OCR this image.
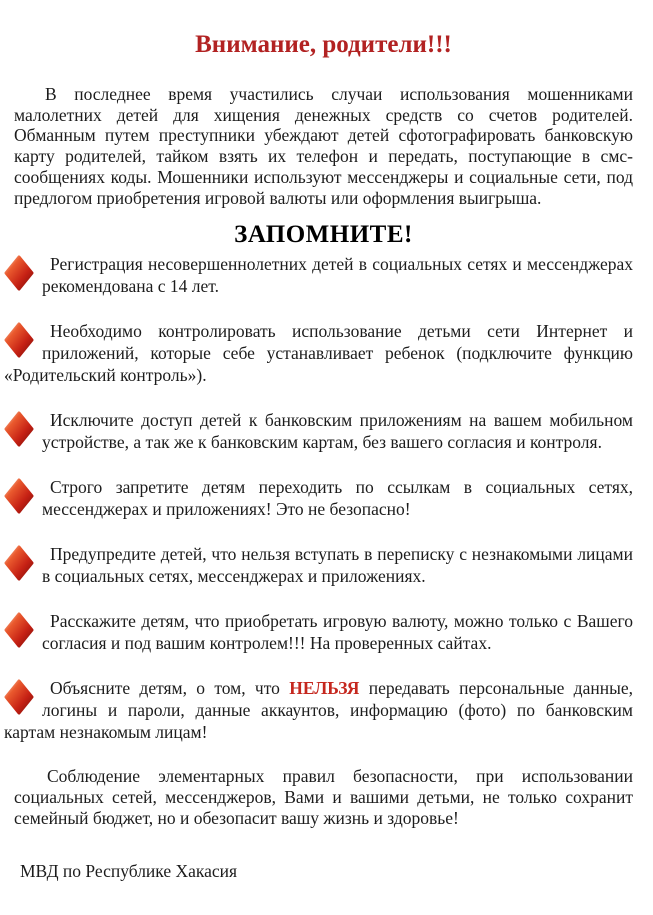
Внимание, родители!!!

В последнее время участились случаи использования мошенниками малолетних детей для хищения денежных средств со счетов родителей. Обманным путем преступники убеждают детей сфотографировать банковскую карту родителей, тайком взять их телефон и передать, поступающие в смс-сообщениях коды. Мошенники используют мессенджеры и социальные сети, под предлогом приобретения игровой валюты или оформления выигрыша.

ЗАПОМНИТЕ!
Регистрация несовершеннолетних детей в социальных сетях и мессенджерах рекомендована с 14 лет.
Необходимо контролировать использование детьми сети Интернет и приложений, которые себе устанавливает ребенок (подключите функцию «Родительский контроль»).
Исключите доступ детей к банковским приложениям на вашем мобильном устройстве, а так же к банковским картам, без вашего согласия и контроля.
Строго запретите детям переходить по ссылкам в социальных сетях, мессенджерах и приложениях! Это не безопасно!
Предупредите детей, что нельзя вступать в переписку с незнакомыми лицами в социальных сетях, мессенджерах и приложениях.
Расскажите детям, что приобретать игровую валюту, можно только с Вашего согласия и под вашим контролем!!! На проверенных сайтах.
Объясните детям, о том, что НЕЛЬЗЯ передавать персональные данные, логины и пароли, данные аккаунтов, информацию (фото) по банковским картам незнакомым лицам!

Соблюдение элементарных правил безопасности, при использовании социальных сетей, мессенджеров, Вами и вашими детьми, не только сохранит семейный бюджет, но и обезопасит вашу жизнь и здоровье!

МВД по Республике Хакасия
